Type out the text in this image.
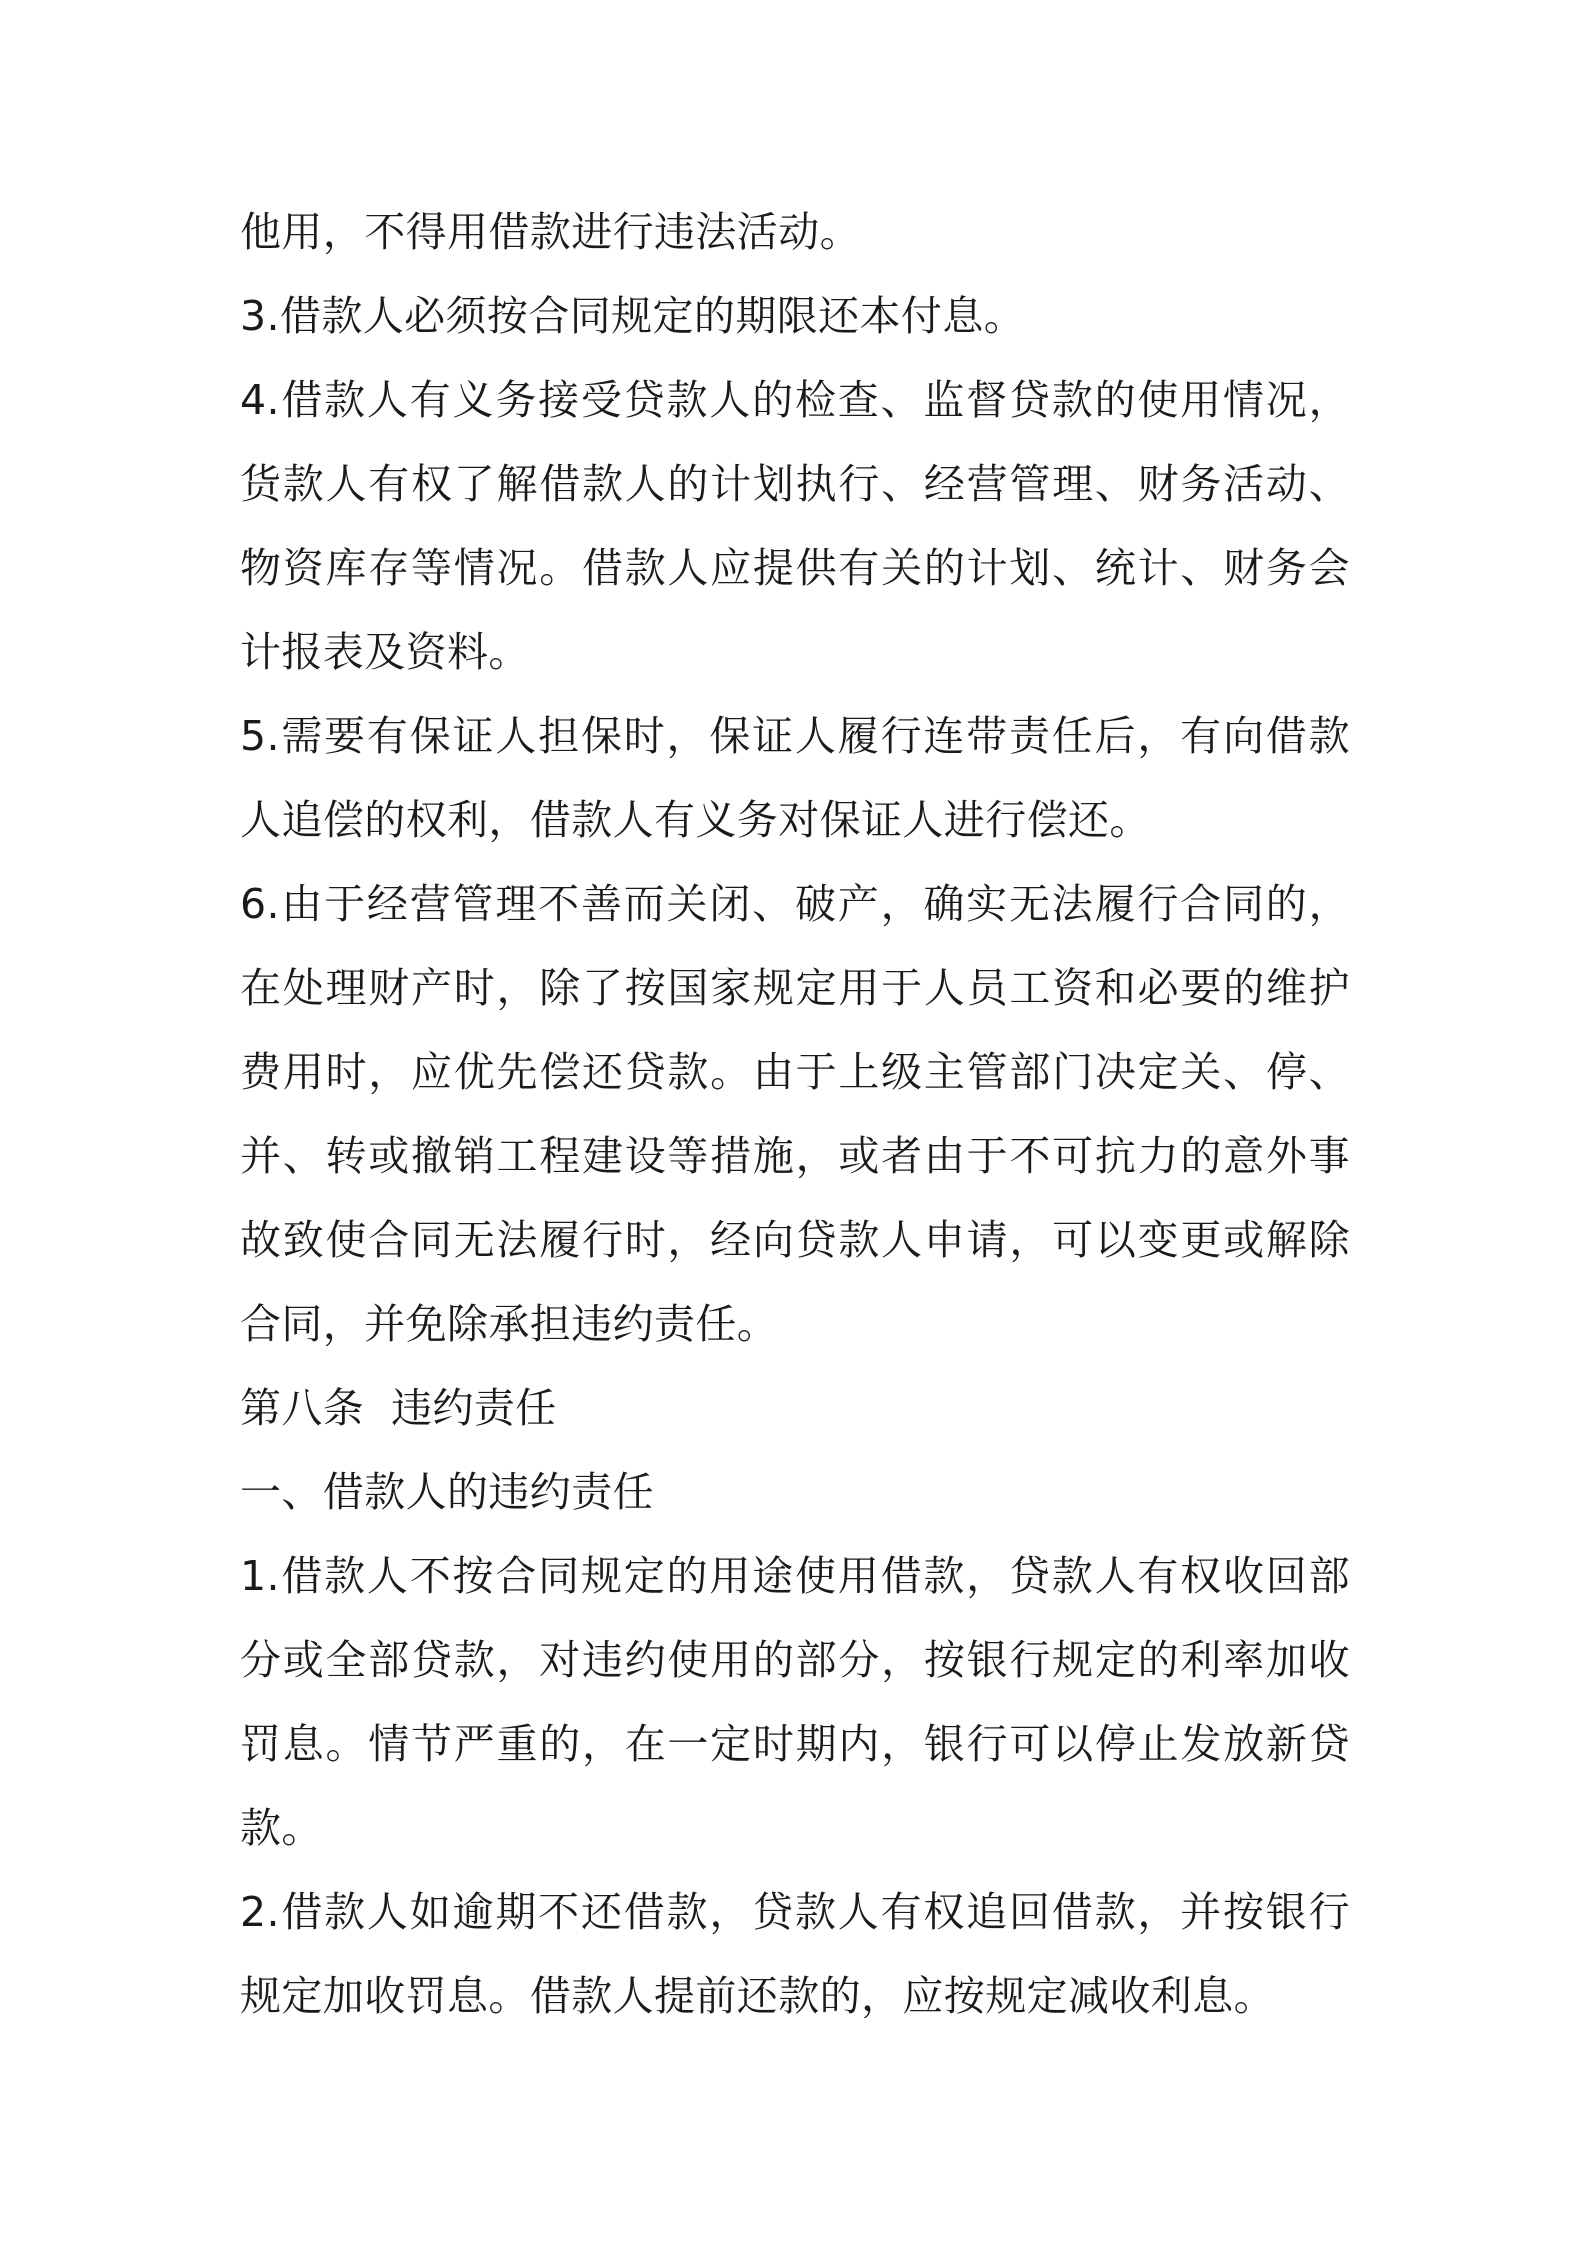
他用，不得用借款进行违法活动。

3.借款人必须按合同规定的期限还本付息。

4.借款人有义务接受贷款人的检查、监督贷款的使用情况，货款人有权了解借款人的计划执行、经营管理、财务活动、物资库存等情况。借款人应提供有关的计划、统计、财务会计报表及资料。

5.需要有保证人担保时，保证人履行连带责任后，有向借款人追偿的权利，借款人有义务对保证人进行偿还。

6.由于经营管理不善而关闭、破产，确实无法履行合同的，在处理财产时，除了按国家规定用于人员工资和必要的维护费用时，应优先偿还贷款。由于上级主管部门决定关、停、并、转或撤销工程建设等措施，或者由于不可抗力的意外事故致使合同无法履行时，经向贷款人申请，可以变更或解除合同，并免除承担违约责任。

第八条  违约责任

一、借款人的违约责任

1.借款人不按合同规定的用途使用借款，贷款人有权收回部分或全部贷款，对违约使用的部分，按银行规定的利率加收罚息。情节严重的，在一定时期内，银行可以停止发放新贷款。

2.借款人如逾期不还借款，贷款人有权追回借款，并按银行规定加收罚息。借款人提前还款的，应按规定减收利息。
